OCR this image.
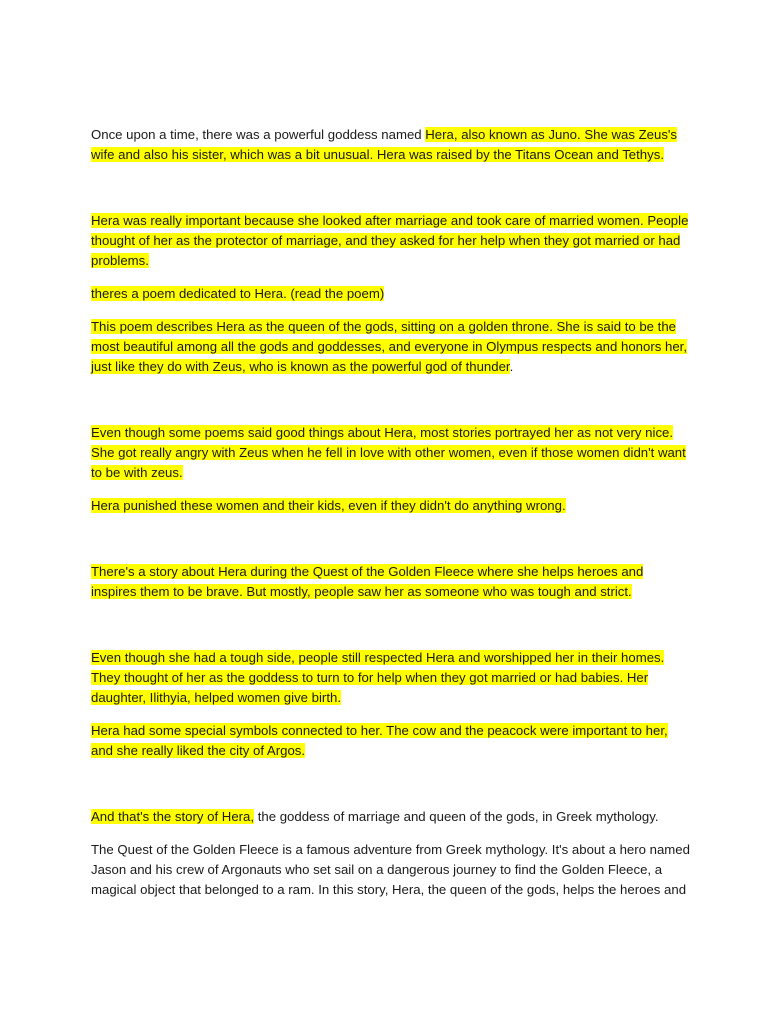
Once upon a time, there was a powerful goddess named Hera, also known as Juno. She was Zeus's wife and also his sister, which was a bit unusual. Hera was raised by the Titans Ocean and Tethys.

Hera was really important because she looked after marriage and took care of married women. People thought of her as the protector of marriage, and they asked for her help when they got married or had problems.

theres a poem dedicated to Hera. (read the poem)

This poem describes Hera as the queen of the gods, sitting on a golden throne. She is said to be the most beautiful among all the gods and goddesses, and everyone in Olympus respects and honors her, just like they do with Zeus, who is known as the powerful god of thunder.

Even though some poems said good things about Hera, most stories portrayed her as not very nice. She got really angry with Zeus when he fell in love with other women, even if those women didn't want to be with zeus.

Hera punished these women and their kids, even if they didn't do anything wrong.

There's a story about Hera during the Quest of the Golden Fleece where she helps heroes and inspires them to be brave. But mostly, people saw her as someone who was tough and strict.

Even though she had a tough side, people still respected Hera and worshipped her in their homes. They thought of her as the goddess to turn to for help when they got married or had babies. Her daughter, Ilithyia, helped women give birth.

Hera had some special symbols connected to her. The cow and the peacock were important to her, and she really liked the city of Argos.

And that's the story of Hera, the goddess of marriage and queen of the gods, in Greek mythology.

The Quest of the Golden Fleece is a famous adventure from Greek mythology. It's about a hero named Jason and his crew of Argonauts who set sail on a dangerous journey to find the Golden Fleece, a magical object that belonged to a ram. In this story, Hera, the queen of the gods, helps the heroes and
